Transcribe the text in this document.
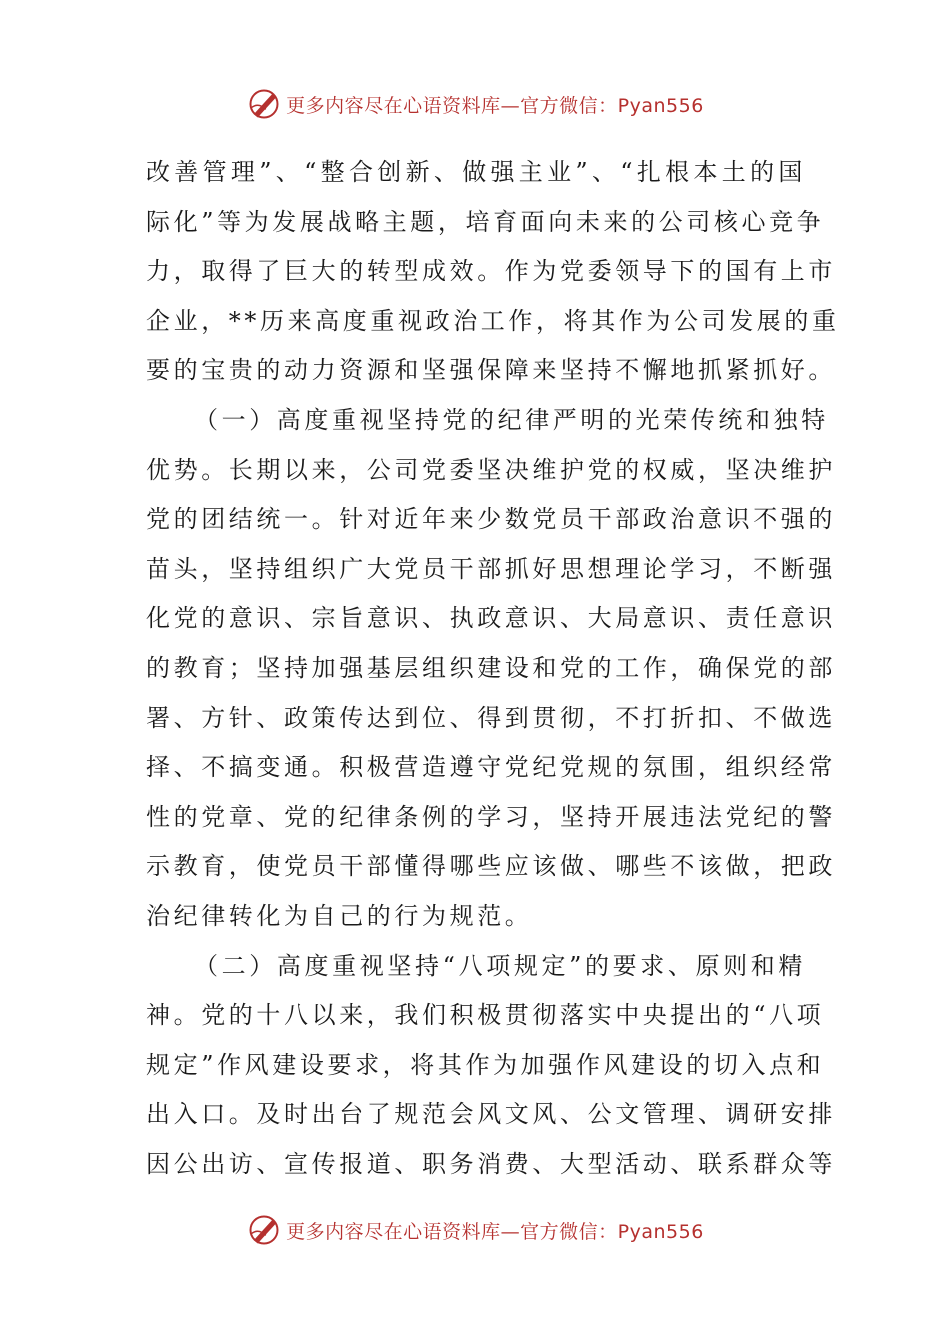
更多内容尽在心语资料库—官方微信：Pyan556
改善管理”、“整合创新、做强主业”、“扎根本土的国
际化”等为发展战略主题，培育面向未来的公司核心竞争
力，取得了巨大的转型成效。作为党委领导下的国有上市
企业，**历来高度重视政治工作，将其作为公司发展的重
要的宝贵的动力资源和坚强保障来坚持不懈地抓紧抓好。
（一）高度重视坚持党的纪律严明的光荣传统和独特
优势。长期以来，公司党委坚决维护党的权威，坚决维护
党的团结统一。针对近年来少数党员干部政治意识不强的
苗头，坚持组织广大党员干部抓好思想理论学习，不断强
化党的意识、宗旨意识、执政意识、大局意识、责任意识
的教育；坚持加强基层组织建设和党的工作，确保党的部
署、方针、政策传达到位、得到贯彻，不打折扣、不做选
择、不搞变通。积极营造遵守党纪党规的氛围，组织经常
性的党章、党的纪律条例的学习，坚持开展违法党纪的警
示教育，使党员干部懂得哪些应该做、哪些不该做，把政
治纪律转化为自己的行为规范。
（二）高度重视坚持“八项规定”的要求、原则和精
神。党的十八以来，我们积极贯彻落实中央提出的“八项
规定”作风建设要求，将其作为加强作风建设的切入点和
出入口。及时出台了规范会风文风、公文管理、调研安排
因公出访、宣传报道、职务消费、大型活动、联系群众等
更多内容尽在心语资料库—官方微信：Pyan556
